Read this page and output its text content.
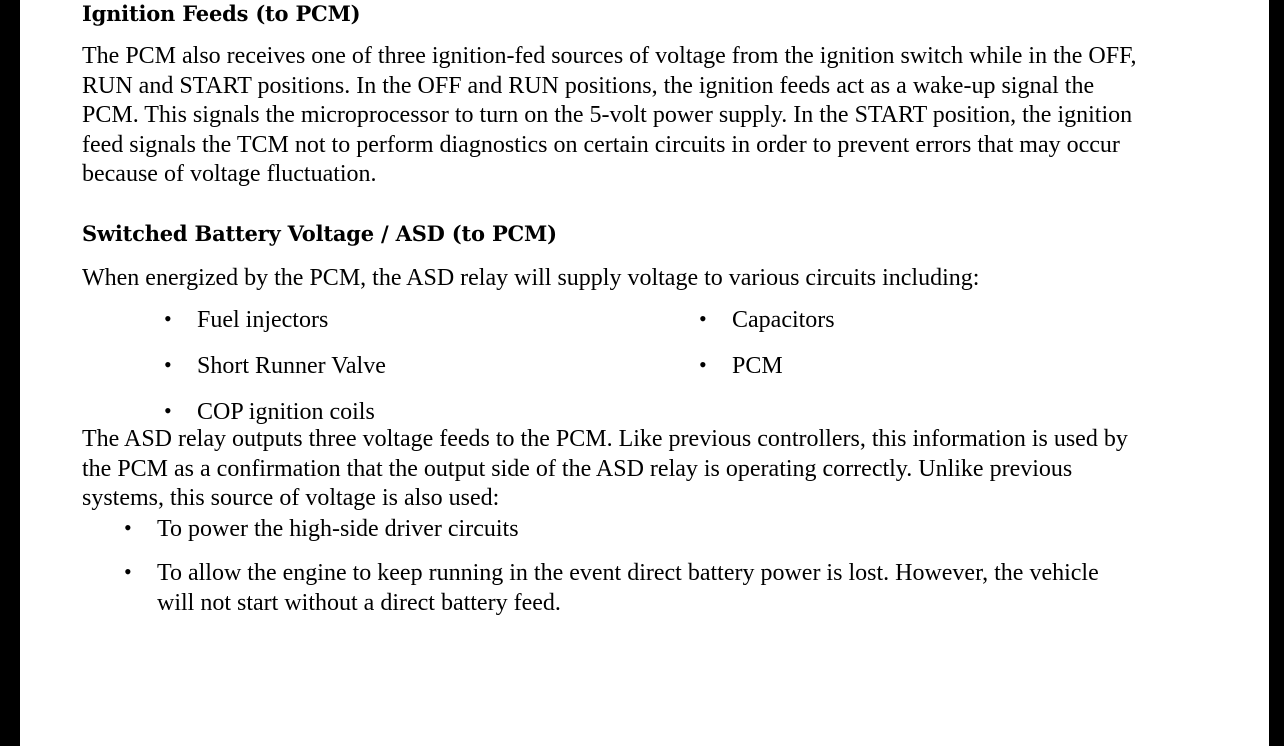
Ignition Feeds (to PCM)

The PCM also receives one of three ignition-fed sources of voltage from the ignition switch while in the OFF, RUN and START positions. In the OFF and RUN positions, the ignition feeds act as a wake-up signal the PCM. This signals the microprocessor to turn on the 5-volt power supply. In the START position, the ignition feed signals the TCM not to perform diagnostics on certain circuits in order to prevent errors that may occur because of voltage fluctuation.

Switched Battery Voltage / ASD (to PCM)

When energized by the PCM, the ASD relay will supply voltage to various circuits including:

• Fuel injectors
• Short Runner Valve
• COP ignition coils
• Capacitors
• PCM

The ASD relay outputs three voltage feeds to the PCM. Like previous controllers, this information is used by the PCM as a confirmation that the output side of the ASD relay is operating correctly. Unlike previous systems, this source of voltage is also used:

• To power the high-side driver circuits
• To allow the engine to keep running in the event direct battery power is lost. However, the vehicle will not start without a direct battery feed.
